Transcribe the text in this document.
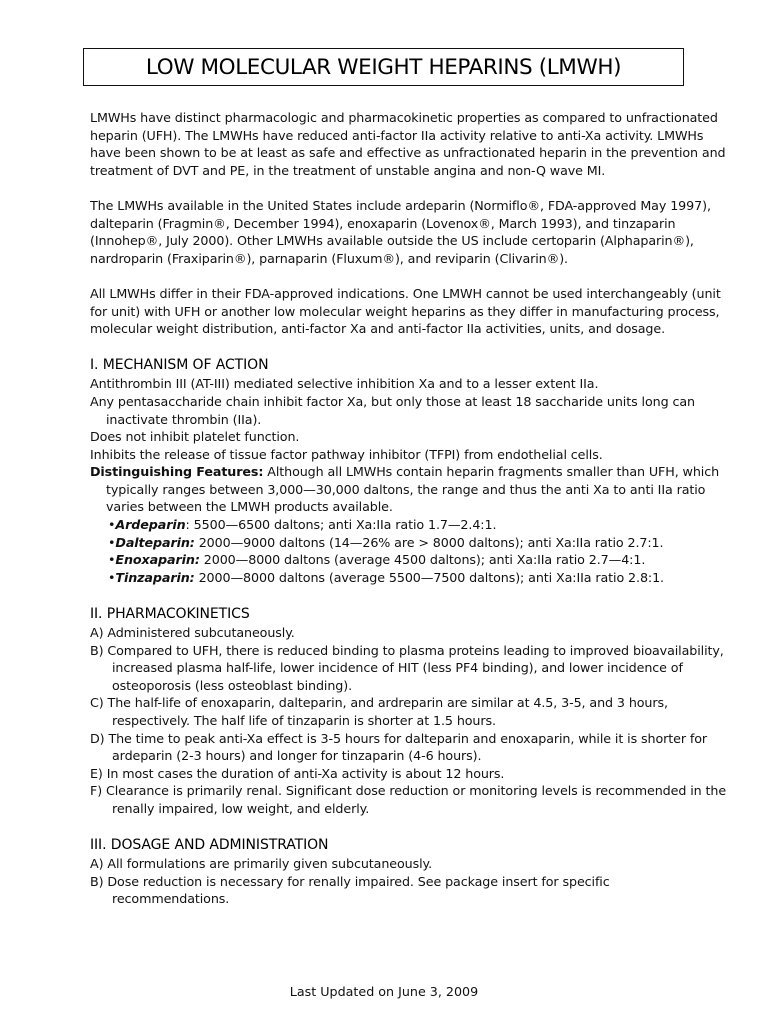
LOW MOLECULAR WEIGHT HEPARINS (LMWH)

LMWHs have distinct pharmacologic and pharmacokinetic properties as compared to unfractionated heparin (UFH). The LMWHs have reduced anti-factor IIa activity relative to anti-Xa activity. LMWHs have been shown to be at least as safe and effective as unfractionated heparin in the prevention and treatment of DVT and PE, in the treatment of unstable angina and non-Q wave MI.

The LMWHs available in the United States include ardeparin (Normiflo®, FDA-approved May 1997), dalteparin (Fragmin®, December 1994), enoxaparin (Lovenox®, March 1993), and tinzaparin (Innohep®, July 2000). Other LMWHs available outside the US include certoparin (Alphaparin®), nardroparin (Fraxiparin®), parnaparin (Fluxum®), and reviparin (Clivarin®).

All LMWHs differ in their FDA-approved indications. One LMWH cannot be used interchangeably (unit for unit) with UFH or another low molecular weight heparins as they differ in manufacturing process, molecular weight distribution, anti-factor Xa and anti-factor IIa activities, units, and dosage.

I. MECHANISM OF ACTION

Antithrombin III (AT-III) mediated selective inhibition Xa and to a lesser extent IIa.

Any pentasaccharide chain inhibit factor Xa, but only those at least 18 saccharide units long can inactivate thrombin (IIa).

Does not inhibit platelet function.

Inhibits the release of tissue factor pathway inhibitor (TFPI) from endothelial cells.

Distinguishing Features: Although all LMWHs contain heparin fragments smaller than UFH, which typically ranges between 3,000—30,000 daltons, the range and thus the anti Xa to anti IIa ratio varies between the LMWH products available.

•Ardeparin: 5500—6500 daltons; anti Xa:IIa ratio 1.7—2.4:1.

•Dalteparin: 2000—9000 daltons (14—26% are > 8000 daltons); anti Xa:IIa ratio 2.7:1.

•Enoxaparin: 2000—8000 daltons (average 4500 daltons); anti Xa:IIa ratio 2.7—4:1.

•Tinzaparin: 2000—8000 daltons (average 5500—7500 daltons); anti Xa:IIa ratio 2.8:1.

II. PHARMACOKINETICS

A) Administered subcutaneously.

B) Compared to UFH, there is reduced binding to plasma proteins leading to improved bioavailability, increased plasma half-life, lower incidence of HIT (less PF4 binding), and lower incidence of osteoporosis (less osteoblast binding).

C) The half-life of enoxaparin, dalteparin, and ardreparin are similar at 4.5, 3-5, and 3 hours, respectively. The half life of tinzaparin is shorter at 1.5 hours.

D) The time to peak anti-Xa effect is 3-5 hours for dalteparin and enoxaparin, while it is shorter for ardeparin (2-3 hours) and longer for tinzaparin (4-6 hours).

E) In most cases the duration of anti-Xa activity is about 12 hours.

F) Clearance is primarily renal. Significant dose reduction or monitoring levels is recommended in the renally impaired, low weight, and elderly.

III. DOSAGE AND ADMINISTRATION

A) All formulations are primarily given subcutaneously.

B) Dose reduction is necessary for renally impaired. See package insert for specific recommendations.

Last Updated on June 3, 2009
